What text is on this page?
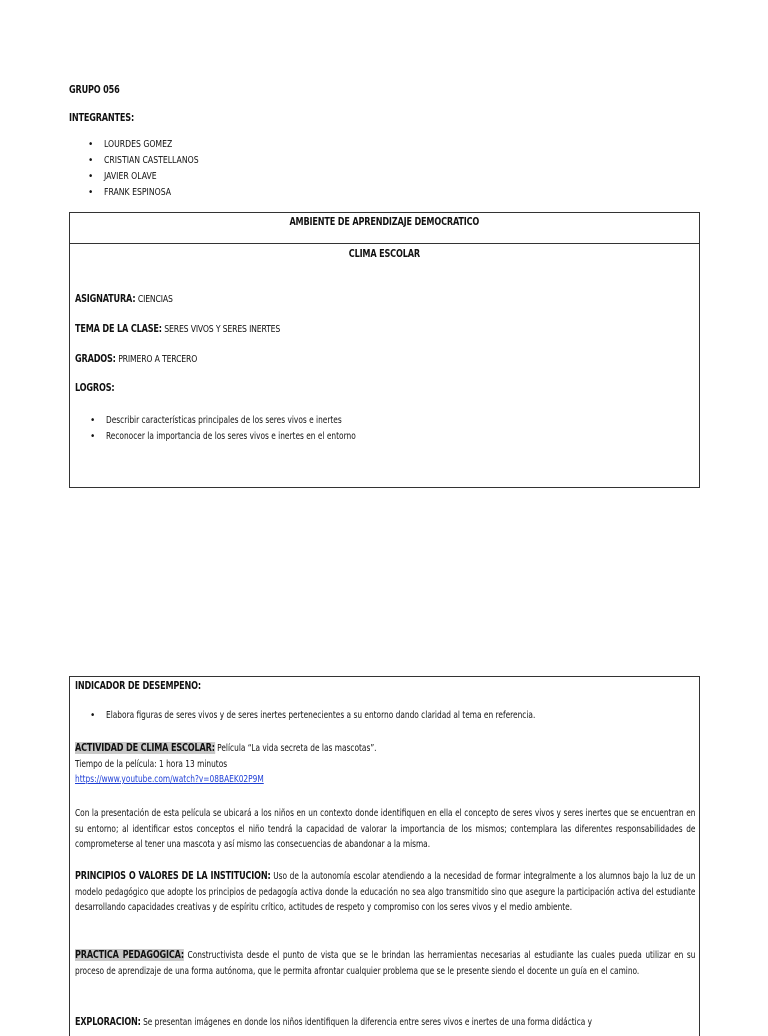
GRUPO 056
INTEGRANTES:
• LOURDES GOMEZ
• CRISTIAN CASTELLANOS
• JAVIER OLAVE
• FRANK ESPINOSA
AMBIENTE DE APRENDIZAJE DEMOCRATICO
CLIMA ESCOLAR
ASIGNATURA: CIENCIAS
TEMA DE LA CLASE: SERES VIVOS Y SERES INERTES
GRADOS: PRIMERO A TERCERO
LOGROS:
• Describir características principales de los seres vivos e inertes
• Reconocer la importancia de los seres vivos e inertes en el entorno
INDICADOR DE DESEMPENO:
• Elabora figuras de seres vivos y de seres inertes pertenecientes a su entorno dando claridad al tema en referencia.
ACTIVIDAD DE CLIMA ESCOLAR: Película “La vida secreta de las mascotas”.
Tiempo de la película: 1 hora 13 minutos
https://www.youtube.com/watch?v=08BAEK02P9M
Con la presentación de esta película se ubicará a los niños en un contexto donde identifiquen en ella el concepto de seres vivos y seres inertes que se encuentran en su entorno; al identificar estos conceptos el niño tendrá la capacidad de valorar la importancia de los mismos; contemplara las diferentes responsabilidades de comprometerse al tener una mascota y así mismo las consecuencias de abandonar a la misma.
PRINCIPIOS O VALORES DE LA INSTITUCION: Uso de la autonomía escolar atendiendo a la necesidad de formar integralmente a los alumnos bajo la luz de un modelo pedagógico que adopte los principios de pedagogía activa donde la educación no sea algo transmitido sino que asegure la participación activa del estudiante desarrollando capacidades creativas y de espíritu crítico, actitudes de respeto y compromiso con los seres vivos y el medio ambiente.
PRACTICA PEDAGOGICA: Constructivista desde el punto de vista que se le brindan las herramientas necesarias al estudiante las cuales pueda utilizar en su proceso de aprendizaje de una forma autónoma, que le permita afrontar cualquier problema que se le presente siendo el docente un guía en el camino.
EXPLORACION: Se presentan imágenes en donde los niños identifiquen la diferencia entre seres vivos e inertes de una forma didáctica y
